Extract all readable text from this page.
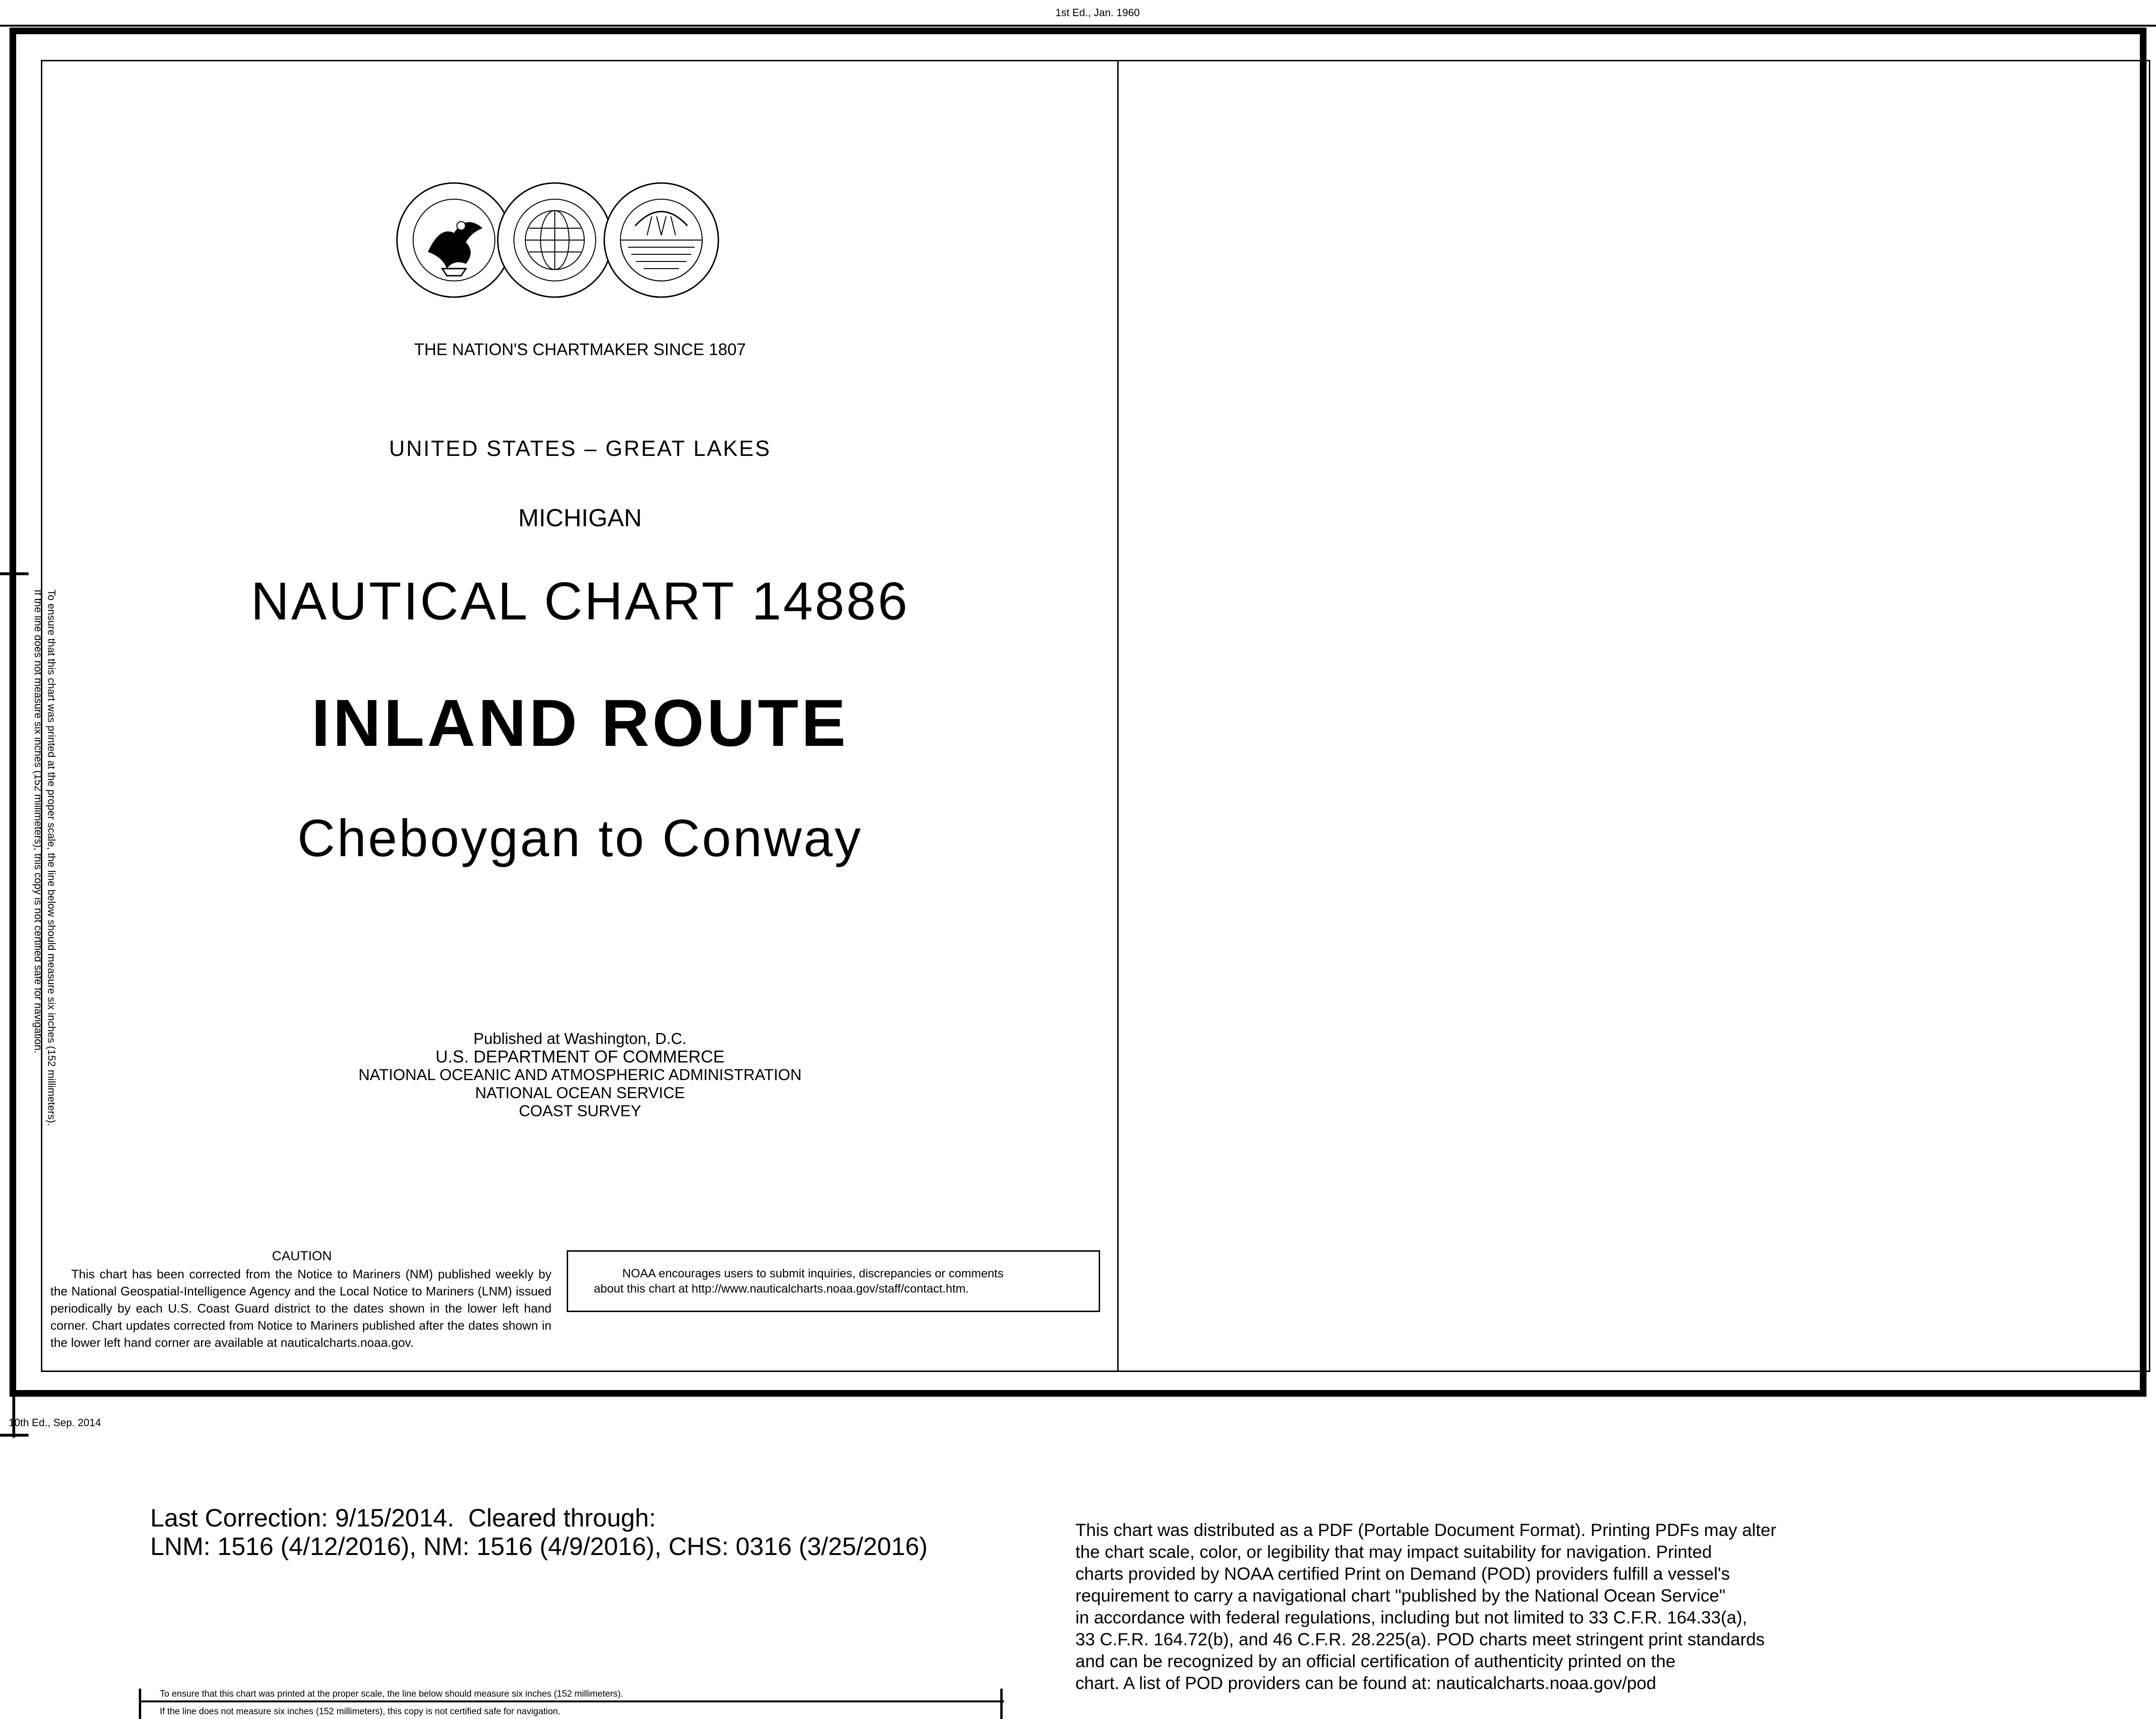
1st Ed., Jan. 1960
To ensure that this chart was printed at the proper scale, the line below should measure six inches (152 millimeters).
If the line does not measure six inches (152 millimeters), this copy is not certified safe for navigation.
THE NATION'S CHARTMAKER SINCE 1807
UNITED STATES – GREAT LAKES
MICHIGAN
NAUTICAL CHART 14886
INLAND ROUTE
Cheboygan to Conway
Published at Washington, D.C.
U.S. DEPARTMENT OF COMMERCE
NATIONAL OCEANIC AND ATMOSPHERIC ADMINISTRATION
NATIONAL OCEAN SERVICE
COAST SURVEY
CAUTION
This chart has been corrected from the Notice to Mariners (NM) published weekly by the National Geospatial-Intelligence Agency and the Local Notice to Mariners (LNM) issued periodically by each U.S. Coast Guard district to the dates shown in the lower left hand corner. Chart updates corrected from Notice to Mariners published after the dates shown in the lower left hand corner are available at nauticalcharts.noaa.gov.
NOAA encourages users to submit inquiries, discrepancies or comments
about this chart at http://www.nauticalcharts.noaa.gov/staff/contact.htm.
10th Ed., Sep. 2014
Last Correction: 9/15/2014.  Cleared through:
LNM: 1516 (4/12/2016), NM: 1516 (4/9/2016), CHS: 0316 (3/25/2016)
This chart was distributed as a PDF (Portable Document Format). Printing PDFs may alter
the chart scale, color, or legibility that may impact suitability for navigation. Printed
charts provided by NOAA certified Print on Demand (POD) providers fulfill a vessel's
requirement to carry a navigational chart "published by the National Ocean Service"
in accordance with federal regulations, including but not limited to 33 C.F.R. 164.33(a),
33 C.F.R. 164.72(b), and 46 C.F.R. 28.225(a). POD charts meet stringent print standards
and can be recognized by an official certification of authenticity printed on the
chart. A list of POD providers can be found at: nauticalcharts.noaa.gov/pod
To ensure that this chart was printed at the proper scale, the line below should measure six inches (152 millimeters).
If the line does not measure six inches (152 millimeters), this copy is not certified safe for navigation.
